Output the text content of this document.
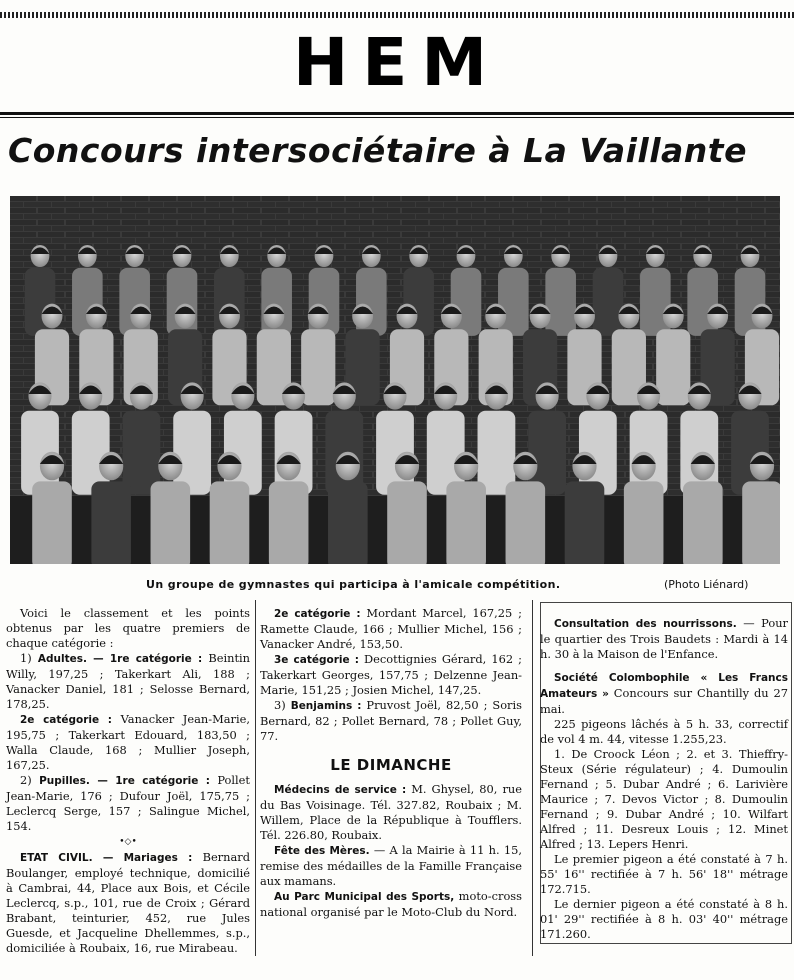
HEM
Concours intersociétaire à La Vaillante
Un groupe de gymnastes qui participa à l'amicale compétition.	(Photo Liénard)

Voici le classement et les points obtenus par les quatre premiers de chaque catégorie :

1) Adultes. — 1re catégorie : Beintin Willy, 197,25 ; Takerkart Ali, 188 ; Vanacker Daniel, 181 ; Selosse Bernard, 178,25.

2e catégorie : Vanacker Jean-Marie, 195,75 ; Takerkart Edouard, 183,50 ; Walla Claude, 168 ; Mullier Joseph, 167,25.

2) Pupilles. — 1re catégorie : Pollet Jean-Marie, 176 ; Dufour Joël, 175,75 ; Leclercq Serge, 157 ; Salingue Michel, 154.

•◇•

ETAT CIVIL. — Mariages : Bernard Boulanger, employé technique, domicilié à Cambrai, 44, Place aux Bois, et Cécile Leclercq, s.p., 101, rue de Croix ; Gérard Brabant, teinturier, 452, rue Jules Guesde, et Jacqueline Dhellemmes, s.p., domiciliée à Roubaix, 16, rue Mirabeau.

2e catégorie : Mordant Marcel, 167,25 ; Ramette Claude, 166 ; Mullier Michel, 156 ; Vanacker André, 153,50.

3e catégorie : Decottignies Gérard, 162 ; Takerkart Georges, 157,75 ; Delzenne Jean-Marie, 151,25 ; Josien Michel, 147,25.

3) Benjamins : Pruvost Joël, 82,50 ; Soris Bernard, 82 ; Pollet Bernard, 78 ; Pollet Guy, 77.

LE DIMANCHE

Médecins de service : M. Ghysel, 80, rue du Bas Voisinage. Tél. 327.82, Roubaix ; M. Willem, Place de la République à Toufflers. Tél. 226.80, Roubaix.

Fête des Mères. — A la Mairie à 11 h. 15, remise des médailles de la Famille Française aux mamans.

Au Parc Municipal des Sports, moto-cross national organisé par le Moto-Club du Nord.

Consultation des nourrissons. — Pour le quartier des Trois Baudets : Mardi à 14 h. 30 à la Maison de l'Enfance.

Société Colombophile « Les Francs Amateurs » Concours sur Chantilly du 27 mai.

225 pigeons lâchés à 5 h. 33, correctif de vol 4 m. 44, vitesse 1.255,23.

1. De Croock Léon ; 2. et 3. Thieffry-Steux (Série régulateur) ; 4. Dumoulin Fernand ; 5. Dubar André ; 6. Larivière Maurice ; 7. Devos Victor ; 8. Dumoulin Fernand ; 9. Dubar André ; 10. Wilfart Alfred ; 11. Desreux Louis ; 12. Minet Alfred ; 13. Lepers Henri.

Le premier pigeon a été constaté à 7 h. 55' 16'' rectifiée à 7 h. 56' 18'' métrage 172.715.

Le dernier pigeon a été constaté à 8 h. 01' 29'' rectifiée à 8 h. 03' 40'' métrage 171.260.
